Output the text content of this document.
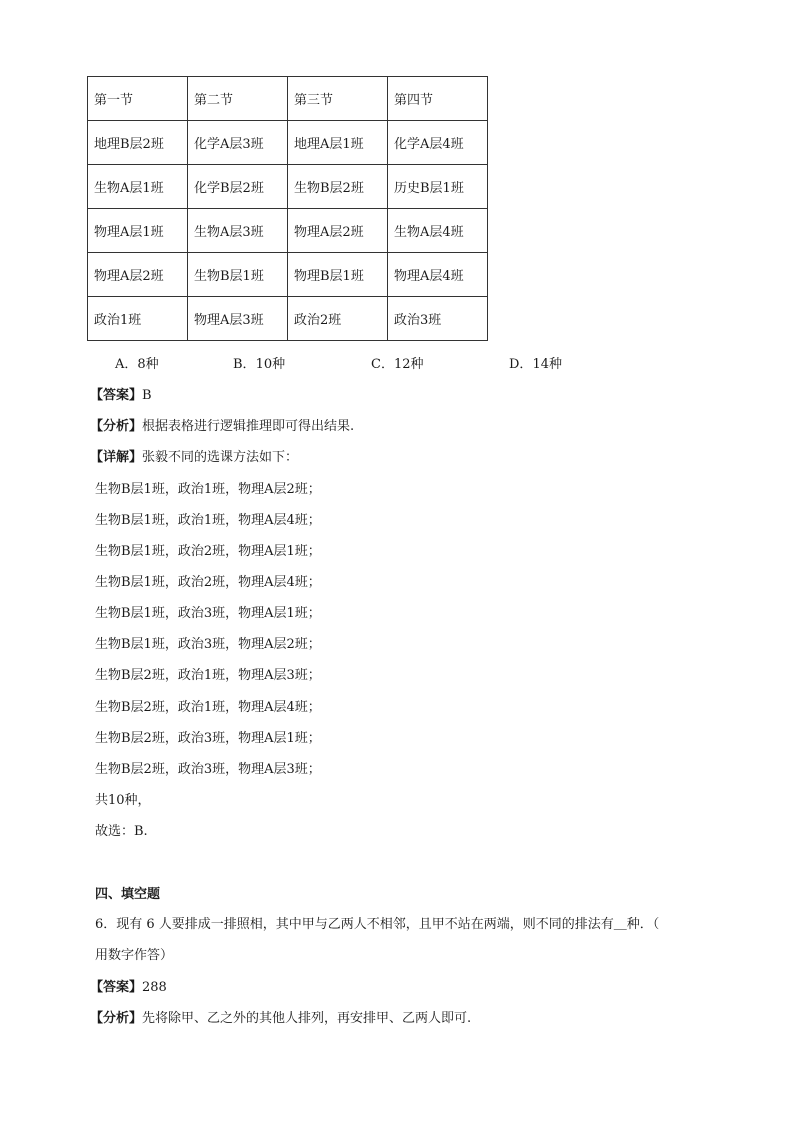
第一节	第二节	第三节	第四节
地理B层2班	化学A层3班	地理A层1班	化学A层4班
生物A层1班	化学B层2班	生物B层2班	历史B层1班
物理A层1班	生物A层3班	物理A层2班	生物A层4班
物理A层2班	生物B层1班	物理B层1班	物理A层4班
政治1班	物理A层3班	政治2班	政治3班
A．8种	B．10种	C．12种	D．14种
【答案】B
【分析】根据表格进行逻辑推理即可得出结果.
【详解】张毅不同的选课方法如下：
生物B层1班，政治1班，物理A层2班；
生物B层1班，政治1班，物理A层4班；
生物B层1班，政治2班，物理A层1班；
生物B层1班，政治2班，物理A层4班；
生物B层1班，政治3班，物理A层1班；
生物B层1班，政治3班，物理A层2班；
生物B层2班，政治1班，物理A层3班；
生物B层2班，政治1班，物理A层4班；
生物B层2班，政治3班，物理A层1班；
生物B层2班，政治3班，物理A层3班；
共10种，
故选：B.
四、填空题
6．现有 6 人要排成一排照相，其中甲与乙两人不相邻，且甲不站在两端，则不同的排法有＿种．（
用数字作答）
【答案】288
【分析】先将除甲、乙之外的其他人排列，再安排甲、乙两人即可.
